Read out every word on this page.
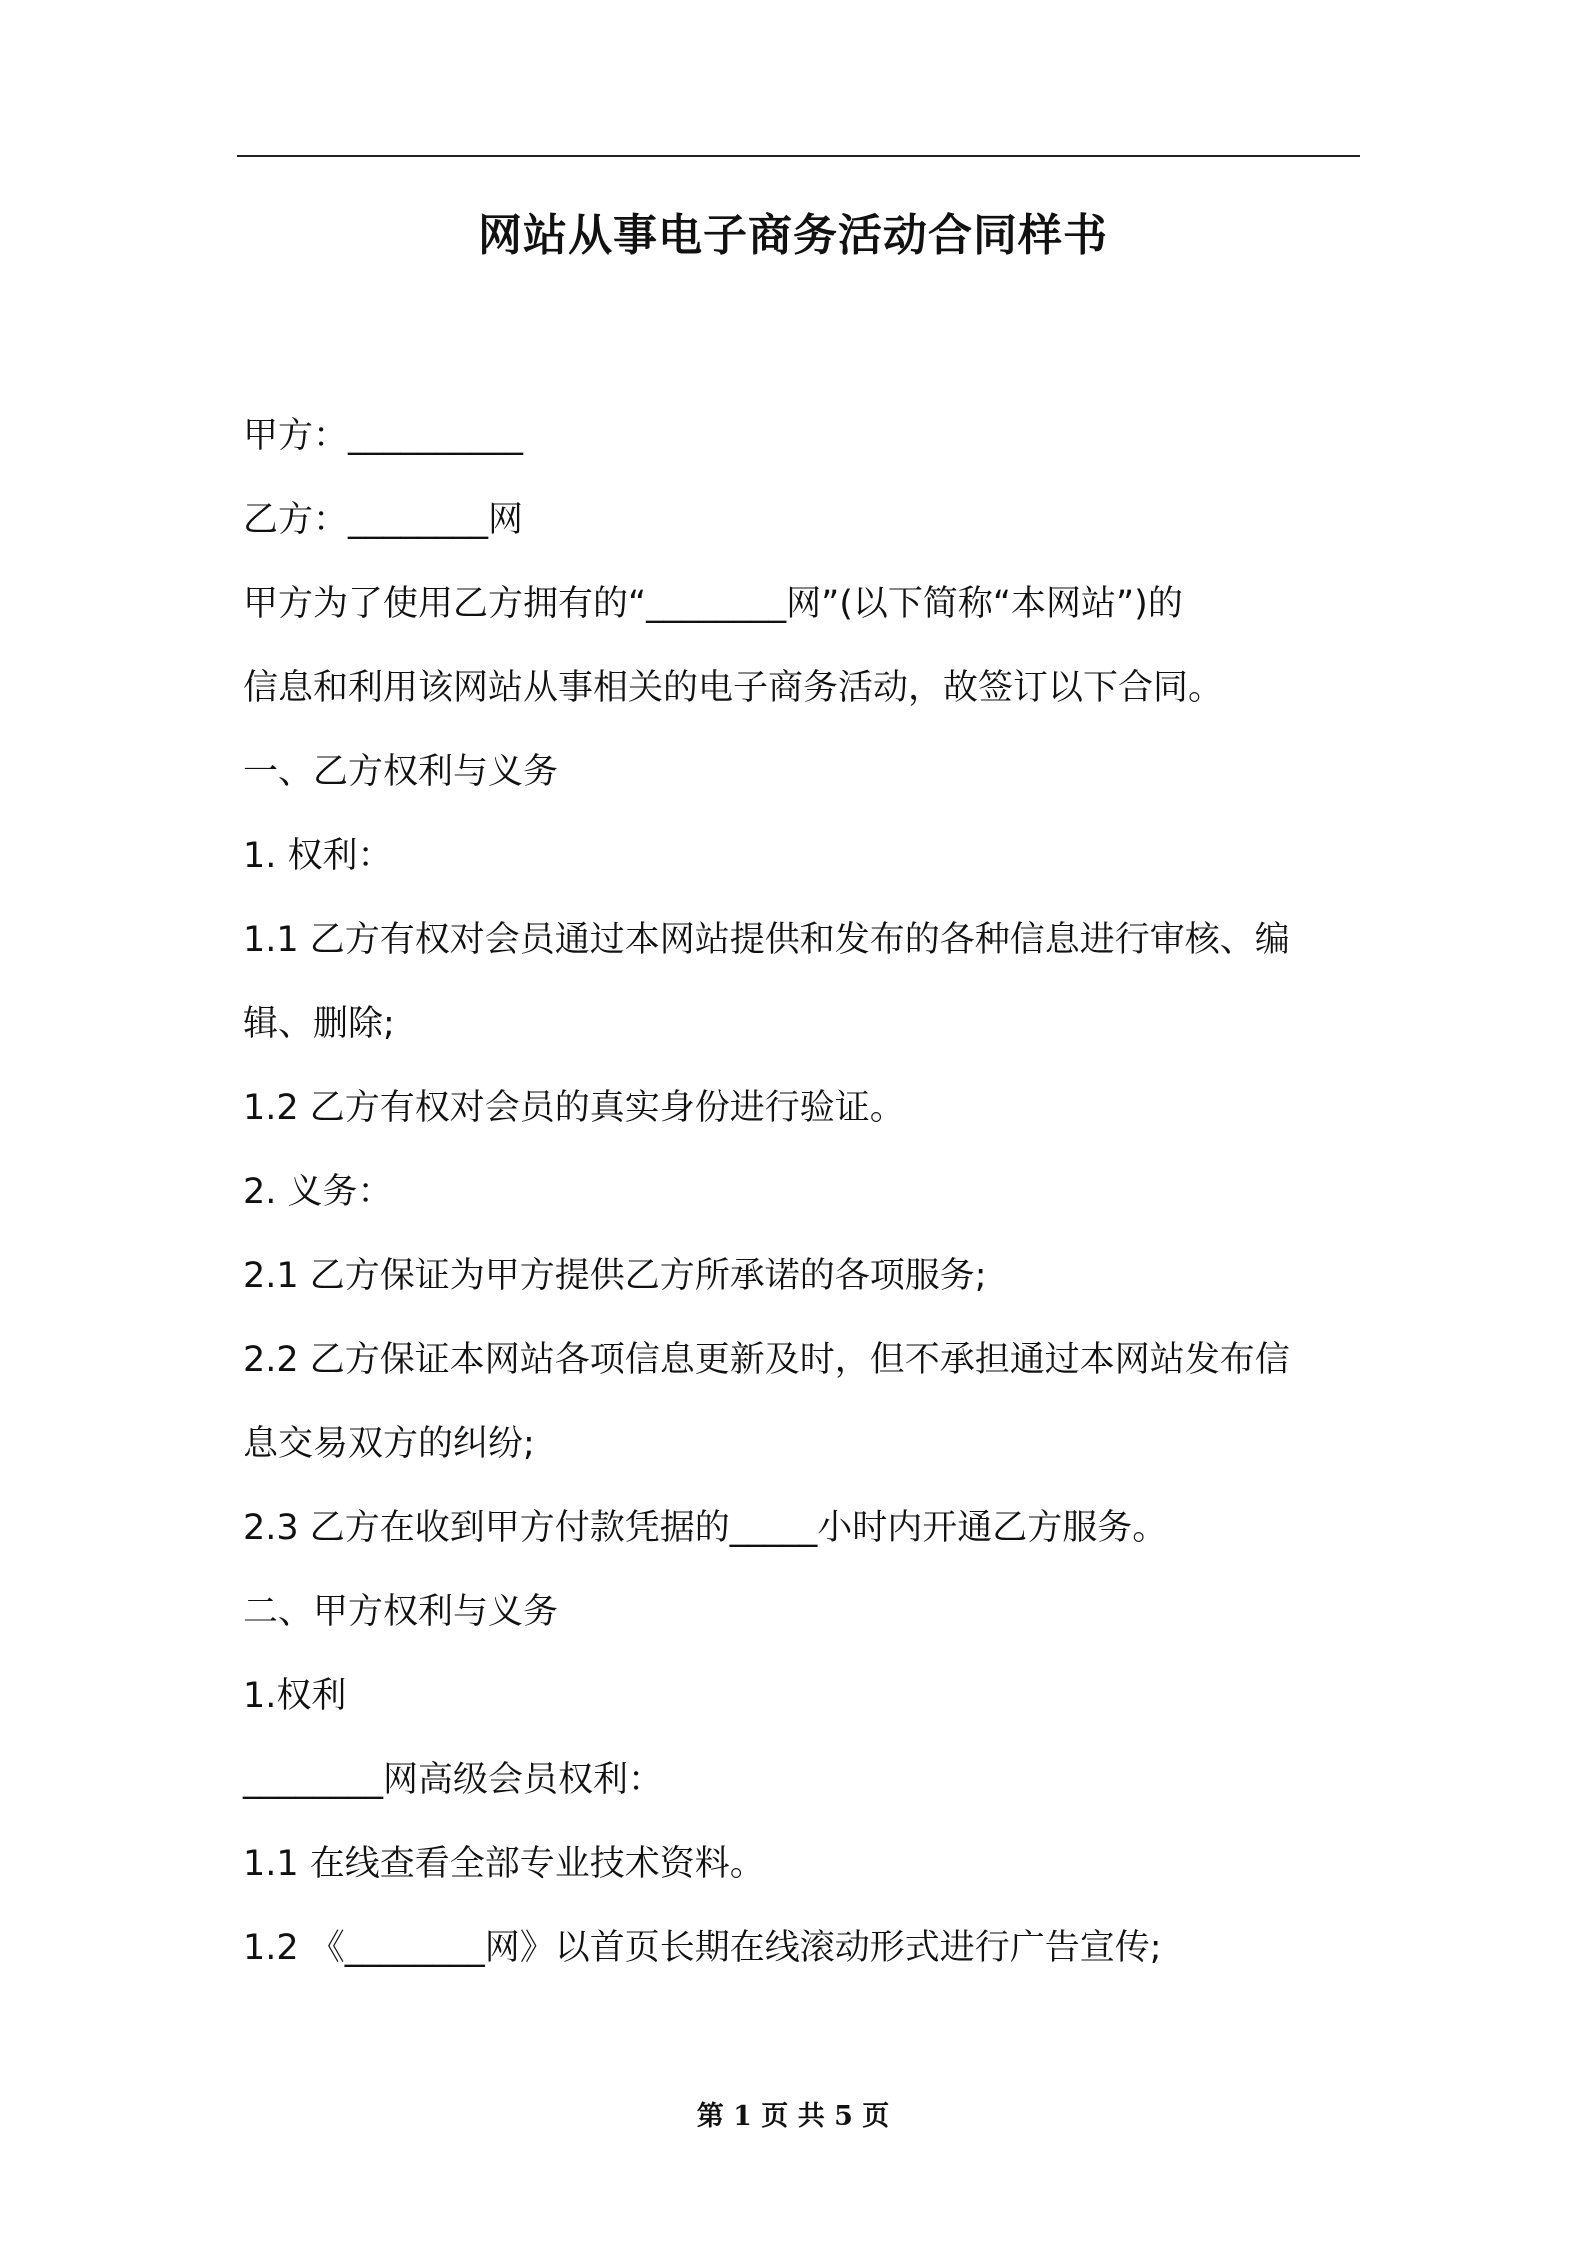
网站从事电子商务活动合同样书
甲方：__________
乙方：________网
甲方为了使用乙方拥有的“________网”(以下简称“本网站”)的
信息和利用该网站从事相关的电子商务活动，故签订以下合同。
一、乙方权利与义务
1. 权利：
1.1 乙方有权对会员通过本网站提供和发布的各种信息进行审核、编
辑、删除;
1.2 乙方有权对会员的真实身份进行验证。
2. 义务：
2.1 乙方保证为甲方提供乙方所承诺的各项服务;
2.2 乙方保证本网站各项信息更新及时，但不承担通过本网站发布信
息交易双方的纠纷;
2.3 乙方在收到甲方付款凭据的_____小时内开通乙方服务。
二、甲方权利与义务
1.权利
________网高级会员权利：
1.1 在线查看全部专业技术资料。
1.2 《________网》以首页长期在线滚动形式进行广告宣传;
第 1 页 共 5 页
